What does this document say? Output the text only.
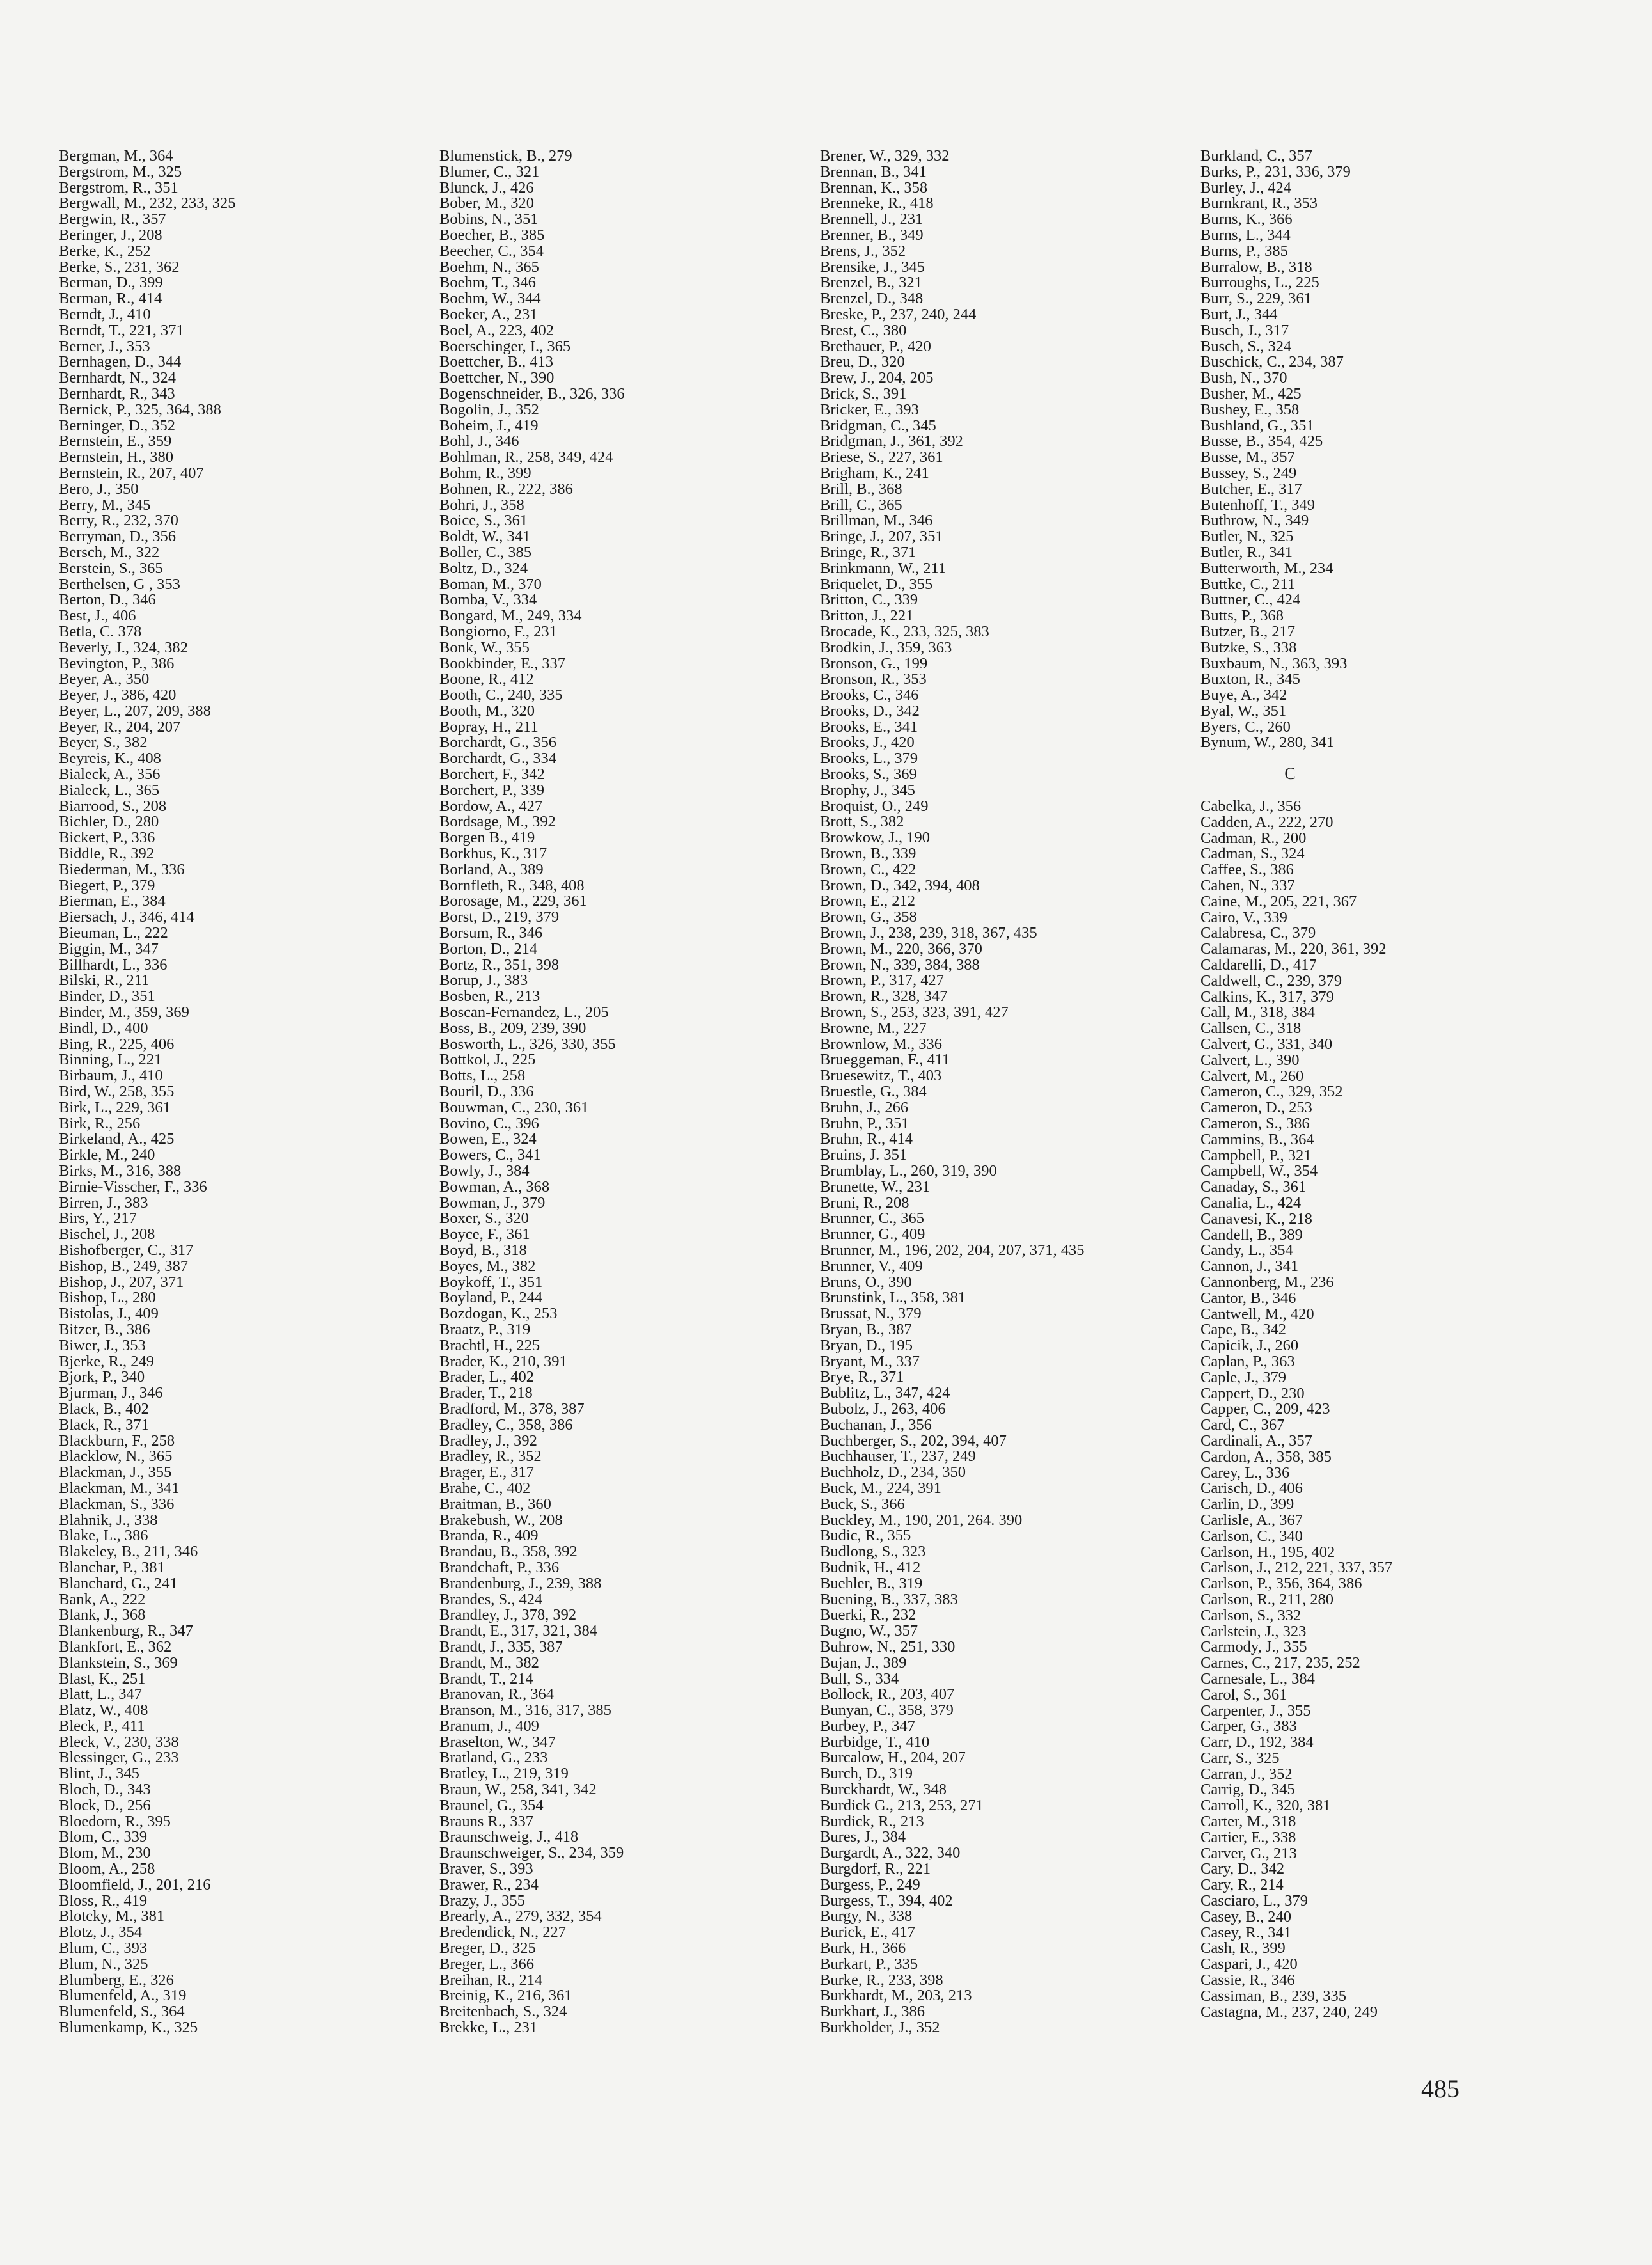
Bergman, M., 364
Bergstrom, M., 325
Bergstrom, R., 351
Bergwall, M., 232, 233, 325
Bergwin, R., 357
Beringer, J., 208
Berke, K., 252
Berke, S., 231, 362
Berman, D., 399
Berman, R., 414
Berndt, J., 410
Berndt, T., 221, 371
Berner, J., 353
Bernhagen, D., 344
Bernhardt, N., 324
Bernhardt, R., 343
Bernick, P., 325, 364, 388
Berninger, D., 352
Bernstein, E., 359
Bernstein, H., 380
Bernstein, R., 207, 407
Bero, J., 350
Berry, M., 345
Berry, R., 232, 370
Berryman, D., 356
Bersch, M., 322
Berstein, S., 365
Berthelsen, G , 353
Berton, D., 346
Best, J., 406
Betla, C. 378
Beverly, J., 324, 382
Bevington, P., 386
Beyer, A., 350
Beyer, J., 386, 420
Beyer, L., 207, 209, 388
Beyer, R., 204, 207
Beyer, S., 382
Beyreis, K., 408
Bialeck, A., 356
Bialeck, L., 365
Biarrood, S., 208
Bichler, D., 280
Bickert, P., 336
Biddle, R., 392
Biederman, M., 336
Biegert, P., 379
Bierman, E., 384
Biersach, J., 346, 414
Bieuman, L., 222
Biggin, M., 347
Billhardt, L., 336
Bilski, R., 211
Binder, D., 351
Binder, M., 359, 369
Bindl, D., 400
Bing, R., 225, 406
Binning, L., 221
Birbaum, J., 410
Bird, W., 258, 355
Birk, L., 229, 361
Birk, R., 256
Birkeland, A., 425
Birkle, M., 240
Birks, M., 316, 388
Birnie-Visscher, F., 336
Birren, J., 383
Birs, Y., 217
Bischel, J., 208
Bishofberger, C., 317
Bishop, B., 249, 387
Bishop, J., 207, 371
Bishop, L., 280
Bistolas, J., 409
Bitzer, B., 386
Biwer, J., 353
Bjerke, R., 249
Bjork, P., 340
Bjurman, J., 346
Black, B., 402
Black, R., 371
Blackburn, F., 258
Blacklow, N., 365
Blackman, J., 355
Blackman, M., 341
Blackman, S., 336
Blahnik, J., 338
Blake, L., 386
Blakeley, B., 211, 346
Blanchar, P., 381
Blanchard, G., 241
Bank, A., 222
Blank, J., 368
Blankenburg, R., 347
Blankfort, E., 362
Blankstein, S., 369
Blast, K., 251
Blatt, L., 347
Blatz, W., 408
Bleck, P., 411
Bleck, V., 230, 338
Blessinger, G., 233
Blint, J., 345
Bloch, D., 343
Block, D., 256
Bloedorn, R., 395
Blom, C., 339
Blom, M., 230
Bloom, A., 258
Bloomfield, J., 201, 216
Bloss, R., 419
Blotcky, M., 381
Blotz, J., 354
Blum, C., 393
Blum, N., 325
Blumberg, E., 326
Blumenfeld, A., 319
Blumenfeld, S., 364
Blumenkamp, K., 325
Blumenstick, B., 279
Blumer, C., 321
Blunck, J., 426
Bober, M., 320
Bobins, N., 351
Boecher, B., 385
Beecher, C., 354
Boehm, N., 365
Boehm, T., 346
Boehm, W., 344
Boeker, A., 231
Boel, A., 223, 402
Boerschinger, I., 365
Boettcher, B., 413
Boettcher, N., 390
Bogenschneider, B., 326, 336
Bogolin, J., 352
Boheim, J., 419
Bohl, J., 346
Bohlman, R., 258, 349, 424
Bohm, R., 399
Bohnen, R., 222, 386
Bohri, J., 358
Boice, S., 361
Boldt, W., 341
Boller, C., 385
Boltz, D., 324
Boman, M., 370
Bomba, V., 334
Bongard, M., 249, 334
Bongiorno, F., 231
Bonk, W., 355
Bookbinder, E., 337
Boone, R., 412
Booth, C., 240, 335
Booth, M., 320
Bopray, H., 211
Borchardt, G., 356
Borchardt, G., 334
Borchert, F., 342
Borchert, P., 339
Bordow, A., 427
Bordsage, M., 392
Borgen B., 419
Borkhus, K., 317
Borland, A., 389
Bornfleth, R., 348, 408
Borosage, M., 229, 361
Borst, D., 219, 379
Borsum, R., 346
Borton, D., 214
Bortz, R., 351, 398
Borup, J., 383
Bosben, R., 213
Boscan-Fernandez, L., 205
Boss, B., 209, 239, 390
Bosworth, L., 326, 330, 355
Bottkol, J., 225
Botts, L., 258
Bouril, D., 336
Bouwman, C., 230, 361
Bovino, C., 396
Bowen, E., 324
Bowers, C., 341
Bowly, J., 384
Bowman, A., 368
Bowman, J., 379
Boxer, S., 320
Boyce, F., 361
Boyd, B., 318
Boyes, M., 382
Boykoff, T., 351
Boyland, P., 244
Bozdogan, K., 253
Braatz, P., 319
Brachtl, H., 225
Brader, K., 210, 391
Brader, L., 402
Brader, T., 218
Bradford, M., 378, 387
Bradley, C., 358, 386
Bradley, J., 392
Bradley, R., 352
Brager, E., 317
Brahe, C., 402
Braitman, B., 360
Brakebush, W., 208
Branda, R., 409
Brandau, B., 358, 392
Brandchaft, P., 336
Brandenburg, J., 239, 388
Brandes, S., 424
Brandley, J., 378, 392
Brandt, E., 317, 321, 384
Brandt, J., 335, 387
Brandt, M., 382
Brandt, T., 214
Branovan, R., 364
Branson, M., 316, 317, 385
Branum, J., 409
Braselton, W., 347
Bratland, G., 233
Bratley, L., 219, 319
Braun, W., 258, 341, 342
Braunel, G., 354
Brauns R., 337
Braunschweig, J., 418
Braunschweiger, S., 234, 359
Braver, S., 393
Brawer, R., 234
Brazy, J., 355
Brearly, A., 279, 332, 354
Bredendick, N., 227
Breger, D., 325
Breger, L., 366
Breihan, R., 214
Breinig, K., 216, 361
Breitenbach, S., 324
Brekke, L., 231
Brener, W., 329, 332
Brennan, B., 341
Brennan, K., 358
Brenneke, R., 418
Brennell, J., 231
Brenner, B., 349
Brens, J., 352
Brensike, J., 345
Brenzel, B., 321
Brenzel, D., 348
Breske, P., 237, 240, 244
Brest, C., 380
Brethauer, P., 420
Breu, D., 320
Brew, J., 204, 205
Brick, S., 391
Bricker, E., 393
Bridgman, C., 345
Bridgman, J., 361, 392
Briese, S., 227, 361
Brigham, K., 241
Brill, B., 368
Brill, C., 365
Brillman, M., 346
Bringe, J., 207, 351
Bringe, R., 371
Brinkmann, W., 211
Briquelet, D., 355
Britton, C., 339
Britton, J., 221
Brocade, K., 233, 325, 383
Brodkin, J., 359, 363
Bronson, G., 199
Bronson, R., 353
Brooks, C., 346
Brooks, D., 342
Brooks, E., 341
Brooks, J., 420
Brooks, L., 379
Brooks, S., 369
Brophy, J., 345
Broquist, O., 249
Brott, S., 382
Browkow, J., 190
Brown, B., 339
Brown, C., 422
Brown, D., 342, 394, 408
Brown, E., 212
Brown, G., 358
Brown, J., 238, 239, 318, 367, 435
Brown, M., 220, 366, 370
Brown, N., 339, 384, 388
Brown, P., 317, 427
Brown, R., 328, 347
Brown, S., 253, 323, 391, 427
Browne, M., 227
Brownlow, M., 336
Brueggeman, F., 411
Bruesewitz, T., 403
Bruestle, G., 384
Bruhn, J., 266
Bruhn, P., 351
Bruhn, R., 414
Bruins, J. 351
Brumblay, L., 260, 319, 390
Brunette, W., 231
Bruni, R., 208
Brunner, C., 365
Brunner, G., 409
Brunner, M., 196, 202, 204, 207, 371, 435
Brunner, V., 409
Bruns, O., 390
Brunstink, L., 358, 381
Brussat, N., 379
Bryan, B., 387
Bryan, D., 195
Bryant, M., 337
Brye, R., 371
Bublitz, L., 347, 424
Bubolz, J., 263, 406
Buchanan, J., 356
Buchberger, S., 202, 394, 407
Buchhauser, T., 237, 249
Buchholz, D., 234, 350
Buck, M., 224, 391
Buck, S., 366
Buckley, M., 190, 201, 264. 390
Budic, R., 355
Budlong, S., 323
Budnik, H., 412
Buehler, B., 319
Buening, B., 337, 383
Buerki, R., 232
Bugno, W., 357
Buhrow, N., 251, 330
Bujan, J., 389
Bull, S., 334
Bollock, R., 203, 407
Bunyan, C., 358, 379
Burbey, P., 347
Burbidge, T., 410
Burcalow, H., 204, 207
Burch, D., 319
Burckhardt, W., 348
Burdick G., 213, 253, 271
Burdick, R., 213
Bures, J., 384
Burgardt, A., 322, 340
Burgdorf, R., 221
Burgess, P., 249
Burgess, T., 394, 402
Burgy, N., 338
Burick, E., 417
Burk, H., 366
Burkart, P., 335
Burke, R., 233, 398
Burkhardt, M., 203, 213
Burkhart, J., 386
Burkholder, J., 352
Burkland, C., 357
Burks, P., 231, 336, 379
Burley, J., 424
Burnkrant, R., 353
Burns, K., 366
Burns, L., 344
Burns, P., 385
Burralow, B., 318
Burroughs, L., 225
Burr, S., 229, 361
Burt, J., 344
Busch, J., 317
Busch, S., 324
Buschick, C., 234, 387
Bush, N., 370
Busher, M., 425
Bushey, E., 358
Bushland, G., 351
Busse, B., 354, 425
Busse, M., 357
Bussey, S., 249
Butcher, E., 317
Butenhoff, T., 349
Buthrow, N., 349
Butler, N., 325
Butler, R., 341
Butterworth, M., 234
Buttke, C., 211
Buttner, C., 424
Butts, P., 368
Butzer, B., 217
Butzke, S., 338
Buxbaum, N., 363, 393
Buxton, R., 345
Buye, A., 342
Byal, W., 351
Byers, C., 260
Bynum, W., 280, 341
C
Cabelka, J., 356
Cadden, A., 222, 270
Cadman, R., 200
Cadman, S., 324
Caffee, S., 386
Cahen, N., 337
Caine, M., 205, 221, 367
Cairo, V., 339
Calabresa, C., 379
Calamaras, M., 220, 361, 392
Caldarelli, D., 417
Caldwell, C., 239, 379
Calkins, K., 317, 379
Call, M., 318, 384
Callsen, C., 318
Calvert, G., 331, 340
Calvert, L., 390
Calvert, M., 260
Cameron, C., 329, 352
Cameron, D., 253
Cameron, S., 386
Cammins, B., 364
Campbell, P., 321
Campbell, W., 354
Canaday, S., 361
Canalia, L., 424
Canavesi, K., 218
Candell, B., 389
Candy, L., 354
Cannon, J., 341
Cannonberg, M., 236
Cantor, B., 346
Cantwell, M., 420
Cape, B., 342
Capicik, J., 260
Caplan, P., 363
Caple, J., 379
Cappert, D., 230
Capper, C., 209, 423
Card, C., 367
Cardinali, A., 357
Cardon, A., 358, 385
Carey, L., 336
Carisch, D., 406
Carlin, D., 399
Carlisle, A., 367
Carlson, C., 340
Carlson, H., 195, 402
Carlson, J., 212, 221, 337, 357
Carlson, P., 356, 364, 386
Carlson, R., 211, 280
Carlson, S., 332
Carlstein, J., 323
Carmody, J., 355
Carnes, C., 217, 235, 252
Carnesale, L., 384
Carol, S., 361
Carpenter, J., 355
Carper, G., 383
Carr, D., 192, 384
Carr, S., 325
Carran, J., 352
Carrig, D., 345
Carroll, K., 320, 381
Carter, M., 318
Cartier, E., 338
Carver, G., 213
Cary, D., 342
Cary, R., 214
Casciaro, L., 379
Casey, B., 240
Casey, R., 341
Cash, R., 399
Caspari, J., 420
Cassie, R., 346
Cassiman, B., 239, 335
Castagna, M., 237, 240, 249
485
